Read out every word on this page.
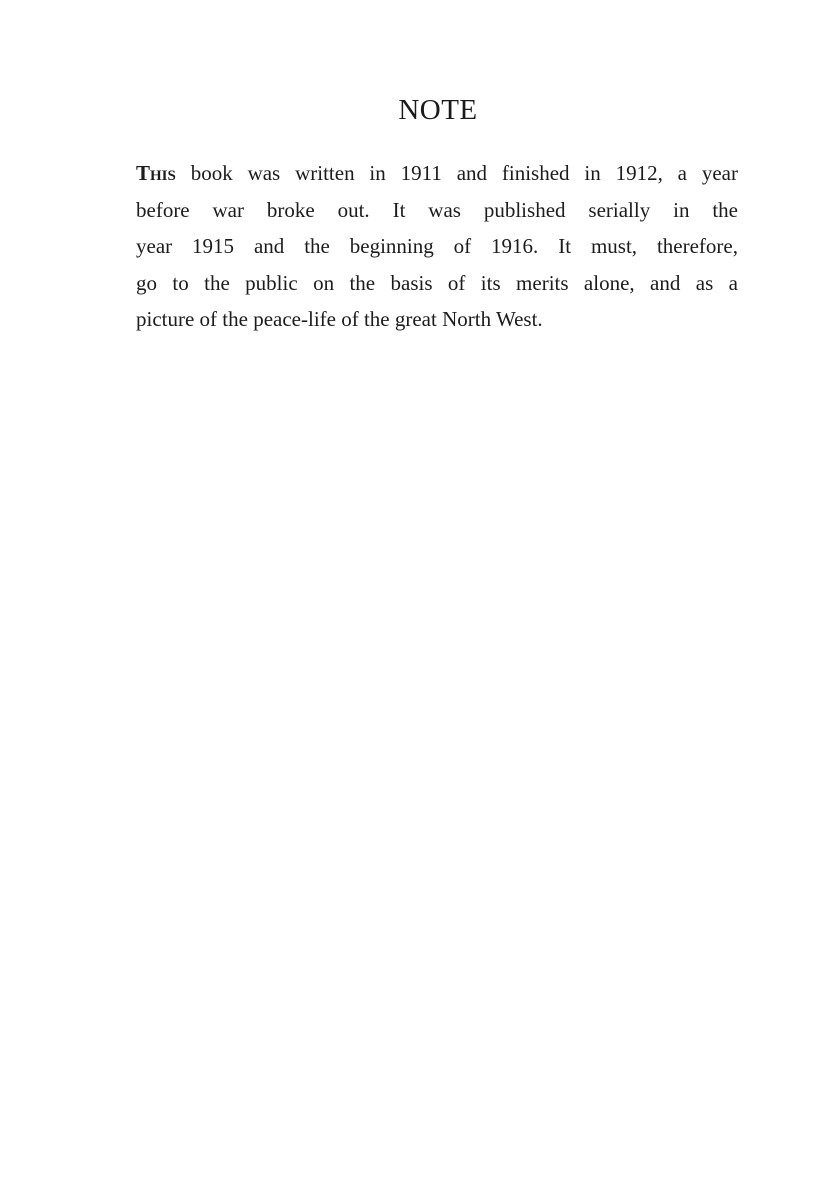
NOTE
This book was written in 1911 and finished in 1912, a year
before war broke out. It was published serially in the
year 1915 and the beginning of 1916. It must, therefore,
go to the public on the basis of its merits alone, and as a
picture of the peace-life of the great North West.
